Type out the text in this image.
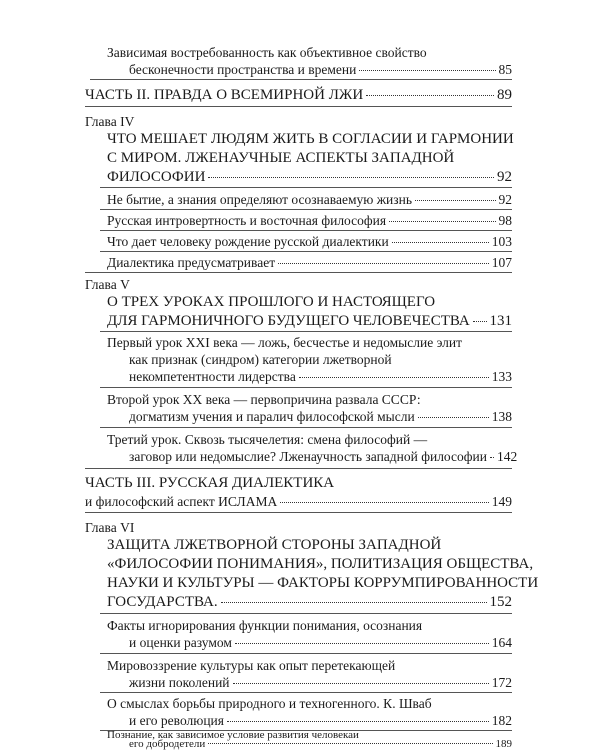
Зависимая востребованность как объективное свойство
бесконечности пространства и времени	85
ЧАСТЬ II. ПРАВДА О ВСЕМИРНОЙ ЛЖИ	89
Глава IV
ЧТО МЕШАЕТ ЛЮДЯМ ЖИТЬ В СОГЛАСИИ И ГАРМОНИИ
С МИРОМ. ЛЖЕНАУЧНЫЕ АСПЕКТЫ ЗАПАДНОЙ
ФИЛОСОФИИ	92
Не бытие, а знания определяют осознаваемую жизнь	92
Русская интровертность и восточная философия	98
Что дает человеку рождение русской диалектики	103
Диалектика предусматривает	107
Глава V
О ТРЕХ УРОКАХ ПРОШЛОГО И НАСТОЯЩЕГО
ДЛЯ ГАРМОНИЧНОГО БУДУЩЕГО ЧЕЛОВЕЧЕСТВА 131
Первый урок XXI века — ложь, бесчестье и недомыслие элит
как признак (синдром) категории лжетворной
некомпетентности лидерства	133
Второй урок XX века — первопричина развала СССР:
догматизм учения и паралич философской мысли	138
Третий урок. Сквозь тысячелетия: смена философий —
заговор или недомыслие? Лженаучность западной философии 142
ЧАСТЬ III. РУССКАЯ ДИАЛЕКТИКА
и философский аспект ИСЛАМА	149
Глава VI
ЗАЩИТА ЛЖЕТВОРНОЙ СТОРОНЫ ЗАПАДНОЙ
«ФИЛОСОФИИ ПОНИМАНИЯ», ПОЛИТИЗАЦИЯ ОБЩЕСТВА,
НАУКИ И КУЛЬТУРЫ — ФАКТОРЫ КОРРУМПИРОВАННОСТИ
ГОСУДАРСТВА.	152
Факты игнорирования функции понимания, осознания
и оценки разумом	164
Мировоззрение культуры как опыт перетекающей
жизни поколений	172
О смыслах борьбы природного и техногенного. К. Шваб
и его революция	182
Познание, как зависимое условие развития человекаи
его добродетели	189
